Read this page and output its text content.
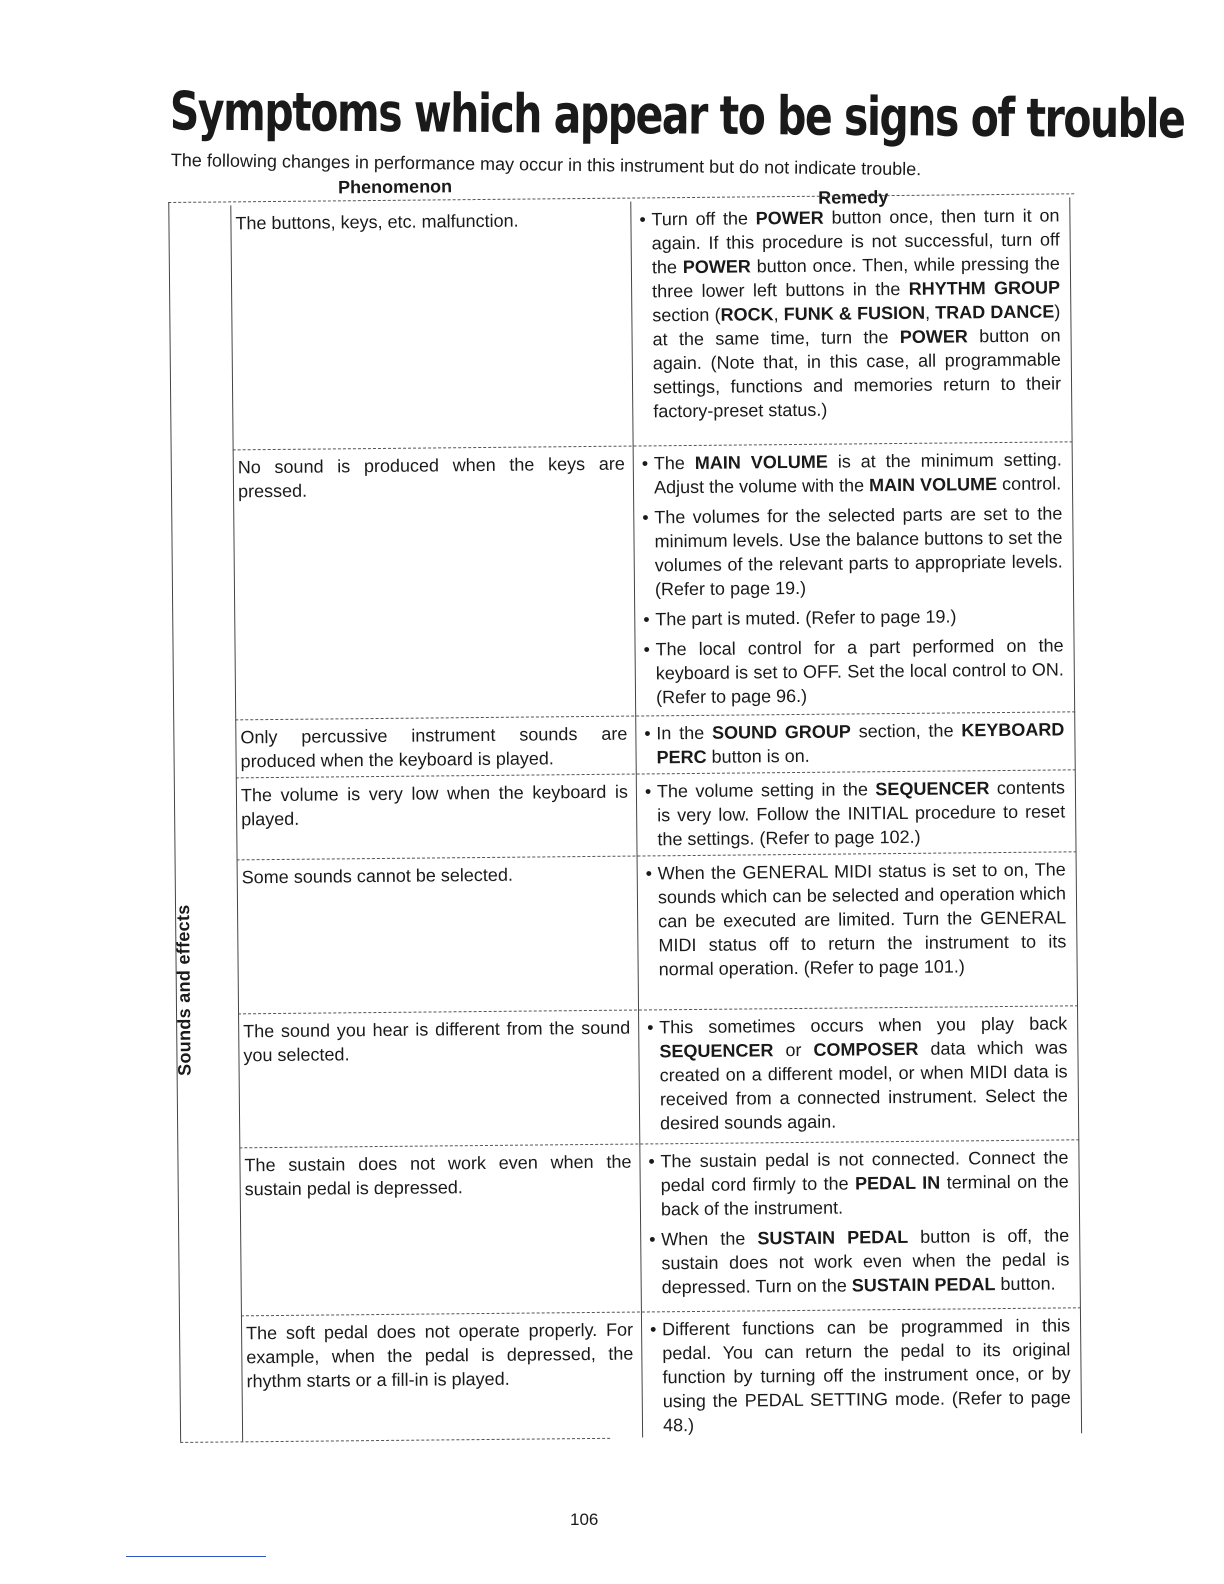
Symptoms which appear to be signs of trouble
The following changes in performance may occur in this instrument but do not indicate trouble.
Phenomenon
Remedy
Sounds and effects
The buttons, keys, etc. malfunction.	• Turn off the POWER button once, then turn it on again. If this procedure is not successful, turn off the POWER button once. Then, while pressing the three lower left buttons in the RHYTHM GROUP section (ROCK, FUNK & FUSION, TRAD DANCE) at the same time, turn the POWER button on again. (Note that, in this case, all programmable settings, functions and memories return to their factory-preset status.)

No sound is produced when the keys are pressed.

• The MAIN VOLUME is at the minimum setting. Adjust the volume with the MAIN VOLUME control.

• The volumes for the selected parts are set to the minimum levels. Use the balance buttons to set the volumes of the relevant parts to appropriate levels. (Refer to page 19.)

• The part is muted. (Refer to page 19.)

• The local control for a part performed on the keyboard is set to OFF. Set the local control to ON. (Refer to page 96.)

Only percussive instrument sounds are produced when the keyboard is played.

• In the SOUND GROUP section, the KEYBOARD PERC button is on.

The volume is very low when the keyboard is played.

• The volume setting in the SEQUENCER contents is very low. Follow the INITIAL procedure to reset the settings. (Refer to page 102.)

Some sounds cannot be selected.	• When the GENERAL MIDI status is set to on, The sounds which can be selected and operation which can be executed are limited. Turn the GENERAL MIDI status off to return the instrument to its normal operation. (Refer to page 101.)

The sound you hear is different from the sound you selected.

• This sometimes occurs when you play back SEQUENCER or COMPOSER data which was created on a different model, or when MIDI data is received from a connected instrument. Select the desired sounds again.

The sustain does not work even when the sustain pedal is depressed.

• The sustain pedal is not connected. Connect the pedal cord firmly to the PEDAL IN terminal on the back of the instrument.

• When the SUSTAIN PEDAL button is off, the sustain does not work even when the pedal is depressed. Turn on the SUSTAIN PEDAL button.

The soft pedal does not operate properly. For example, when the pedal is depressed, the rhythm starts or a fill-in is played.

• Different functions can be programmed in this pedal. You can return the pedal to its original function by turning off the instrument once, or by using the PEDAL SETTING mode. (Refer to page 48.)

106
